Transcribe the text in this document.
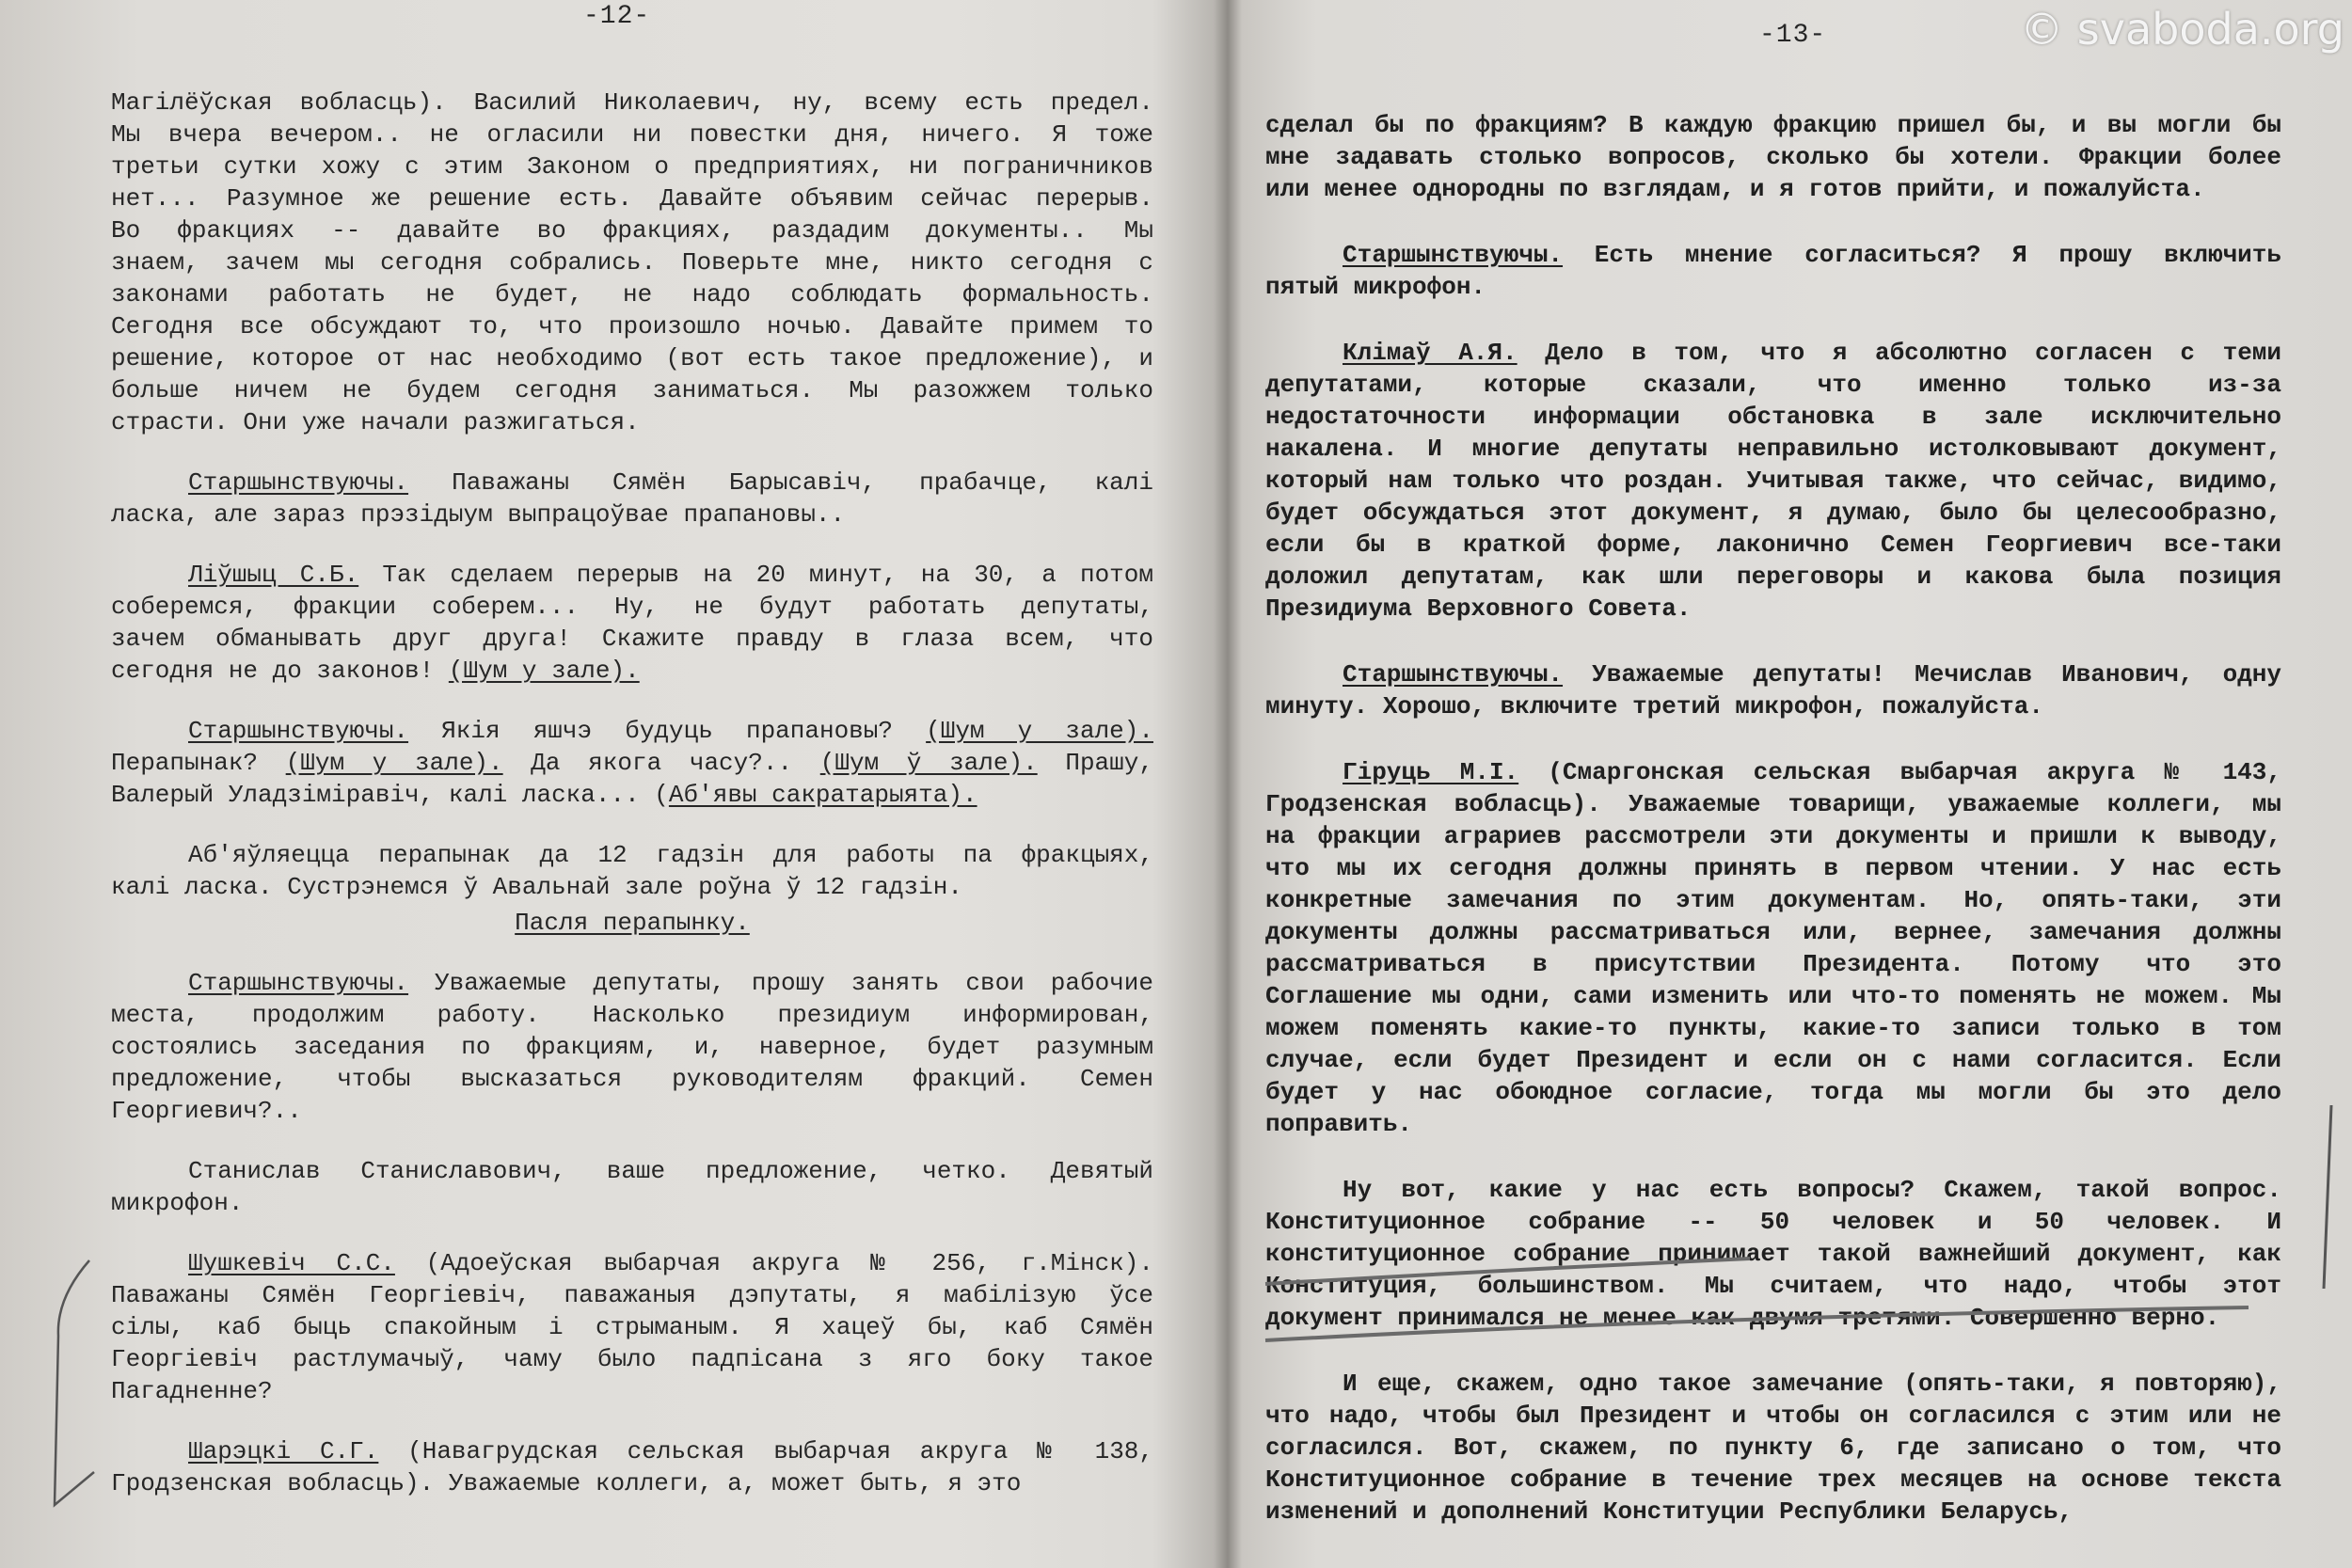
-12-
Магілёўская вобласць). Василий Николаевич, ну, всему есть предел.
Мы вчера вечером.. не огласили ни повестки дня, ничего. Я тоже
третьи сутки хожу с этим Законом о предприятиях, ни пограничников
нет... Разумное же решение есть. Давайте объявим сейчас перерыв.
Во фракциях -- давайте во фракциях, раздадим документы.. Мы
знаем, зачем мы сегодня собрались. Поверьте мне, никто сегодня с
законами работать не будет, не надо соблюдать формальность.
Сегодня все обсуждают то, что произошло ночью. Давайте примем то
решение, которое от нас необходимо (вот есть такое предложение), и
больше ничем не будем сегодня заниматься. Мы разожжем только
страсти. Они уже начали разжигаться.
Старшынствуючы. Паважаны Сямён Барысавіч, прабачце, калі
ласка, але зараз прэзідыум выпрацоўвае прапановы..
Ліўшыц С.Б. Так сделаем перерыв на 20 минут, на 30, а потом
соберемся, фракции соберем... Ну, не будут работать депутаты,
зачем обманывать друг друга! Скажите правду в глаза всем, что
сегодня не до законов! (Шум у зале).
Старшынствуючы. Якія яшчэ будуць прапановы? (Шум у зале).
Перапынак? (Шум у зале). Да якога часу?.. (Шум ў зале). Прашу,
Валерый Уладзіміравіч, калі ласка... (Аб'явы сакратарыята).
Аб'яўляецца перапынак да 12 гадзін для работы па фракцыях,
калі ласка. Сустрэнемся ў Авальнай зале роўна ў 12 гадзін.
Пасля перапынку.
Старшынствуючы. Уважаемые депутаты, прошу занять свои рабочие
места, продолжим работу. Насколько президиум информирован,
состоялись заседания по фракциям, и, наверное, будет разумным
предложение, чтобы высказаться руководителям фракций. Семен
Георгиевич?..
Станислав Станиславович, ваше предложение, четко. Девятый
микрофон.
Шушкевіч С.С. (Адоеўская выбарчая акруга № 256, г.Мінск).
Паважаны Сямён Георгіевіч, паважаныя дэпутаты, я мабілізую ўсе
сілы, каб быць спакойным і стрыманым. Я хацеў бы, каб Сямён
Георгіевіч растлумачыў, чаму было падпісана з яго боку такое
Пагадненне?
Шарэцкі С.Г. (Навагрудская сельская выбарчая акруга № 138,
Гродзенская вобласць). Уважаемые коллеги, а, может быть, я это
-13-
сделал бы по фракциям? В каждую фракцию пришел бы, и вы могли бы
мне задавать столько вопросов, сколько бы хотели. Фракции более
или менее однородны по взглядам, и я готов прийти, и пожалуйста.
Старшынствуючы. Есть мнение согласиться? Я прошу включить
пятый микрофон.
Клімаў А.Я. Дело в том, что я абсолютно согласен с теми
депутатами, которые сказали, что именно только из-за
недостаточности информации обстановка в зале исключительно
накалена. И многие депутаты неправильно истолковывают документ,
который нам только что роздан. Учитывая также, что сейчас, видимо,
будет обсуждаться этот документ, я думаю, было бы целесообразно,
если бы в краткой форме, лаконично Семен Георгиевич все-таки
доложил депутатам, как шли переговоры и какова была позиция
Президиума Верховного Совета.
Старшынствуючы. Уважаемые депутаты! Мечислав Иванович, одну
минуту. Хорошо, включите третий микрофон, пожалуйста.
Гіруць М.І. (Смаргонская сельская выбарчая акруга № 143,
Гродзенская вобласць). Уважаемые товарищи, уважаемые коллеги, мы
на фракции аграриев рассмотрели эти документы и пришли к выводу,
что мы их сегодня должны принять в первом чтении. У нас есть
конкретные замечания по этим документам. Но, опять-таки, эти
документы должны рассматриваться или, вернее, замечания должны
рассматриваться в присутствии Президента. Потому что это
Соглашение мы одни, сами изменить или что-то поменять не можем. Мы
можем поменять какие-то пункты, какие-то записи только в том
случае, если будет Президент и если он с нами согласится. Если
будет у нас обоюдное согласие, тогда мы могли бы это дело
поправить.
Ну вот, какие у нас есть вопросы? Скажем, такой вопрос.
Конституционное собрание -- 50 человек и 50 человек. И
конституционное собрание принимает такой важнейший документ, как
Конституция, большинством. Мы считаем, что надо, чтобы этот
документ принимался не менее как двумя третями. Совершенно верно.
И еще, скажем, одно такое замечание (опять-таки, я повторяю),
что надо, чтобы был Президент и чтобы он согласился с этим или не
согласился. Вот, скажем, по пункту 6, где записано о том, что
Конституционное собрание в течение трех месяцев на основе текста
изменений и дополнений Конституции Республики Беларусь,
© svaboda.org
